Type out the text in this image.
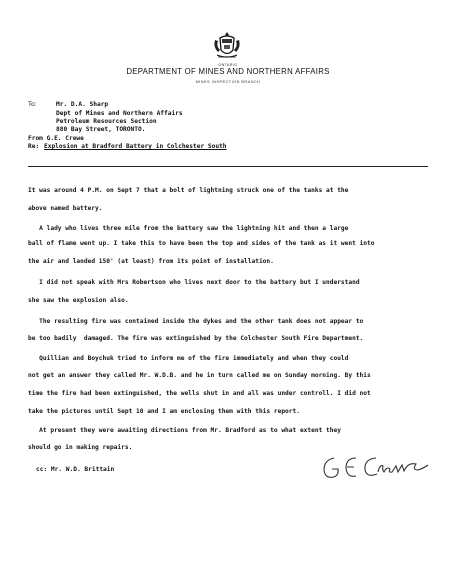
ONTARIO
DEPARTMENT OF MINES AND NORTHERN AFFAIRS
MINES INSPECTION BRANCH
To:	Mr. D.A. Sharp
Dept of Mines and Northern Affairs
Petroleum Resources Section
880 Bay Street, TORONTO.
From G.E. Crewe
Re: Explosion at Bradford Battery in Colchester South
It was around 4 P.M. on Sept 7 that a bolt of lightning struck one of the tanks at the
above named battery.
A lady who lives three mile from the battery saw the lightning hit and then a large
ball of flame went up. I take this to have been the top and sides of the tank as it went into
the air and landed 150' (at least) from its point of installation.
I did not speak with Mrs Robertson who lives next door to the battery but I understand
she saw the explosion also.
The resulting fire was contained inside the dykes and the other tank does not appear to
be too badily  damaged. The fire was extinguished by the Colchester South Fire Department.
Quillian and Boychuk tried to inform me of the fire immediately and when they could
not get an answer they called Mr. W.D.B. and he in turn called me on Sunday morning. By this
time the fire had been extinguished, the wells shut in and all was under controll. I did not
take the pictures until Sept 10 and I am enclosing them with this report.
At present they were awaiting directions from Mr. Bradford as to what extent they
should go in making repairs.
cc: Mr. W.D. Brittain
